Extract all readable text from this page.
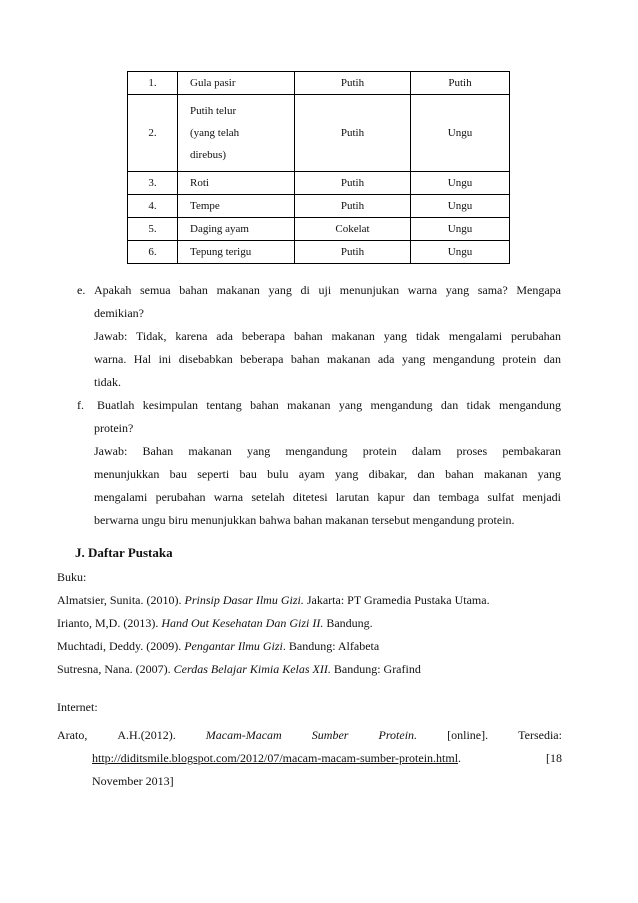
1.	Gula pasir	Putih	Putih
2.	Putih telur
(yang telah
direbus)	Putih	Ungu
3.	Roti	Putih	Ungu
4.	Tempe	Putih	Ungu
5.	Daging ayam	Cokelat	Ungu
6.	Tepung terigu	Putih	Ungu
e. Apakah semua bahan makanan yang di uji menunjukan warna yang sama? Mengapa
demikian?
Jawab: Tidak, karena ada beberapa bahan makanan yang tidak mengalami perubahan
warna. Hal ini disebabkan beberapa bahan makanan ada yang mengandung protein dan
tidak.
f. Buatlah kesimpulan tentang bahan makanan yang mengandung dan tidak mengandung
protein?
Jawab: Bahan makanan yang mengandung protein dalam proses pembakaran
menunjukkan bau seperti bau bulu ayam yang dibakar, dan bahan makanan yang
mengalami perubahan warna setelah ditetesi larutan kapur dan tembaga sulfat menjadi
berwarna ungu biru menunjukkan bahwa bahan makanan tersebut mengandung protein.
J. Daftar Pustaka
Buku:
Almatsier, Sunita. (2010). Prinsip Dasar Ilmu Gizi. Jakarta: PT Gramedia Pustaka Utama.
Irianto, M,D. (2013). Hand Out Kesehatan Dan Gizi II. Bandung.
Muchtadi, Deddy. (2009). Pengantar Ilmu Gizi. Bandung: Alfabeta
Sutresna, Nana. (2007). Cerdas Belajar Kimia Kelas XII. Bandung: Grafind
Internet:
Arato,	A.H.(2012).	Macam-Macam	Sumber	Protein.	[online].	Tersedia:
http://diditsmile.blogspot.com/2012/07/macam-macam-sumber-protein.html.	[18
November 2013]
